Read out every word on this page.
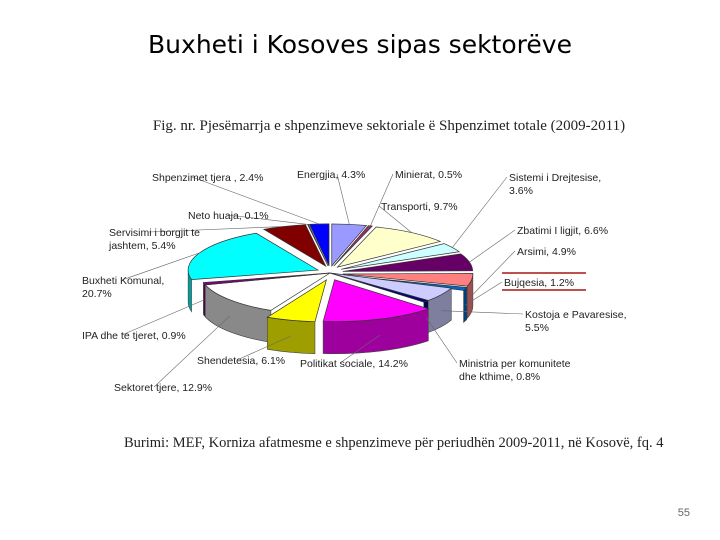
Buxheti i Kosoves sipas sektorëve
Fig. nr. Pjesëmarrja e shpenzimeve sektoriale ë Shpenzimet totale (2009-2011)
Energjia, 4.3%	Minierat, 0.5%
Transporti, 9.7%
Sistemi i Drejtesise, 3.6%
Zbatimi I ligjit, 6.6%
Arsimi, 4.9%
Bujqesia, 1.2%
Kostoja e Pavaresise, 5.5%
Ministria per komunitete dhe kthime, 0.8%
Politikat sociale, 14.2%
Shendetesia, 6.1%
Sektoret tjere, 12.9%
IPA dhe te tjeret, 0.9%
Buxheti Komunal, 20.7%
Servisimi i borgjit te jashtem, 5.4%
Neto huaja, 0.1%
Shpenzimet tjera , 2.4%
Burimi: MEF, Korniza afatmesme e shpenzimeve për periudhën 2009-2011, në Kosovë, fq. 4
55
